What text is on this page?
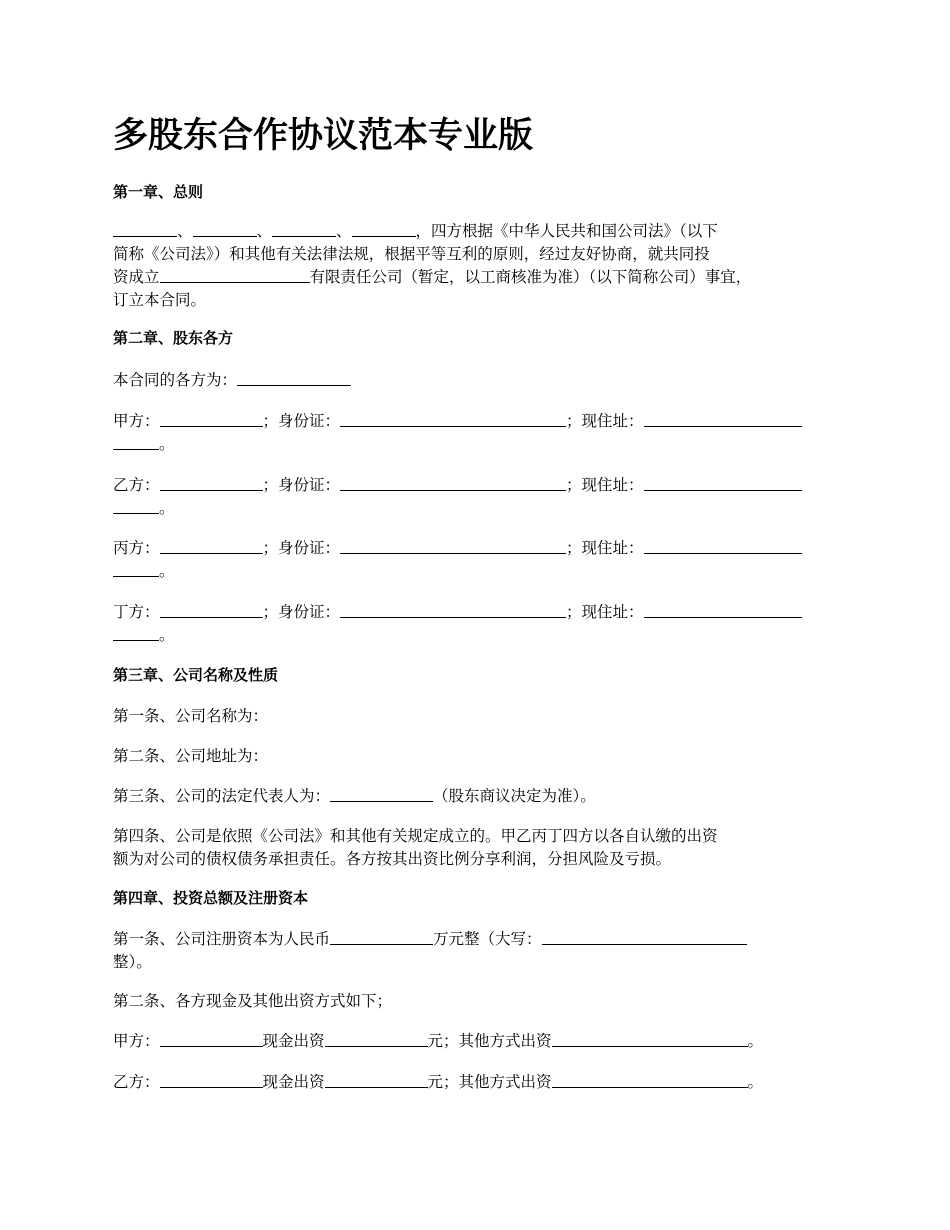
多股东合作协议范本专业版
第一章、总则
、	、	、	，四方根据《中华人民共和国公司法》（以下
简称《公司法》）和其他有关法律法规，根据平等互利的原则，经过友好协商，就共同投
资成立	有限责任公司（暂定，以工商核准为准）（以下简称公司）事宜，
订立本合同。
第二章、股东各方
本合同的各方为：
甲方：	；身份证：	；现住址：
。
乙方：	；身份证：	；现住址：
。
丙方：	；身份证：	；现住址：
。
丁方：	；身份证：	；现住址：
。
第三章、公司名称及性质
第一条、公司名称为：
第二条、公司地址为：
第三条、公司的法定代表人为：	（股东商议决定为准）。
第四条、公司是依照《公司法》和其他有关规定成立的。甲乙丙丁四方以各自认缴的出资
额为对公司的债权债务承担责任。各方按其出资比例分享利润，分担风险及亏损。
第四章、投资总额及注册资本
第一条、公司注册资本为人民币	万元整（大写：
整）。
第二条、各方现金及其他出资方式如下；
甲方：	现金出资	元；其他方式出资	。
乙方：	现金出资	元；其他方式出资	。
